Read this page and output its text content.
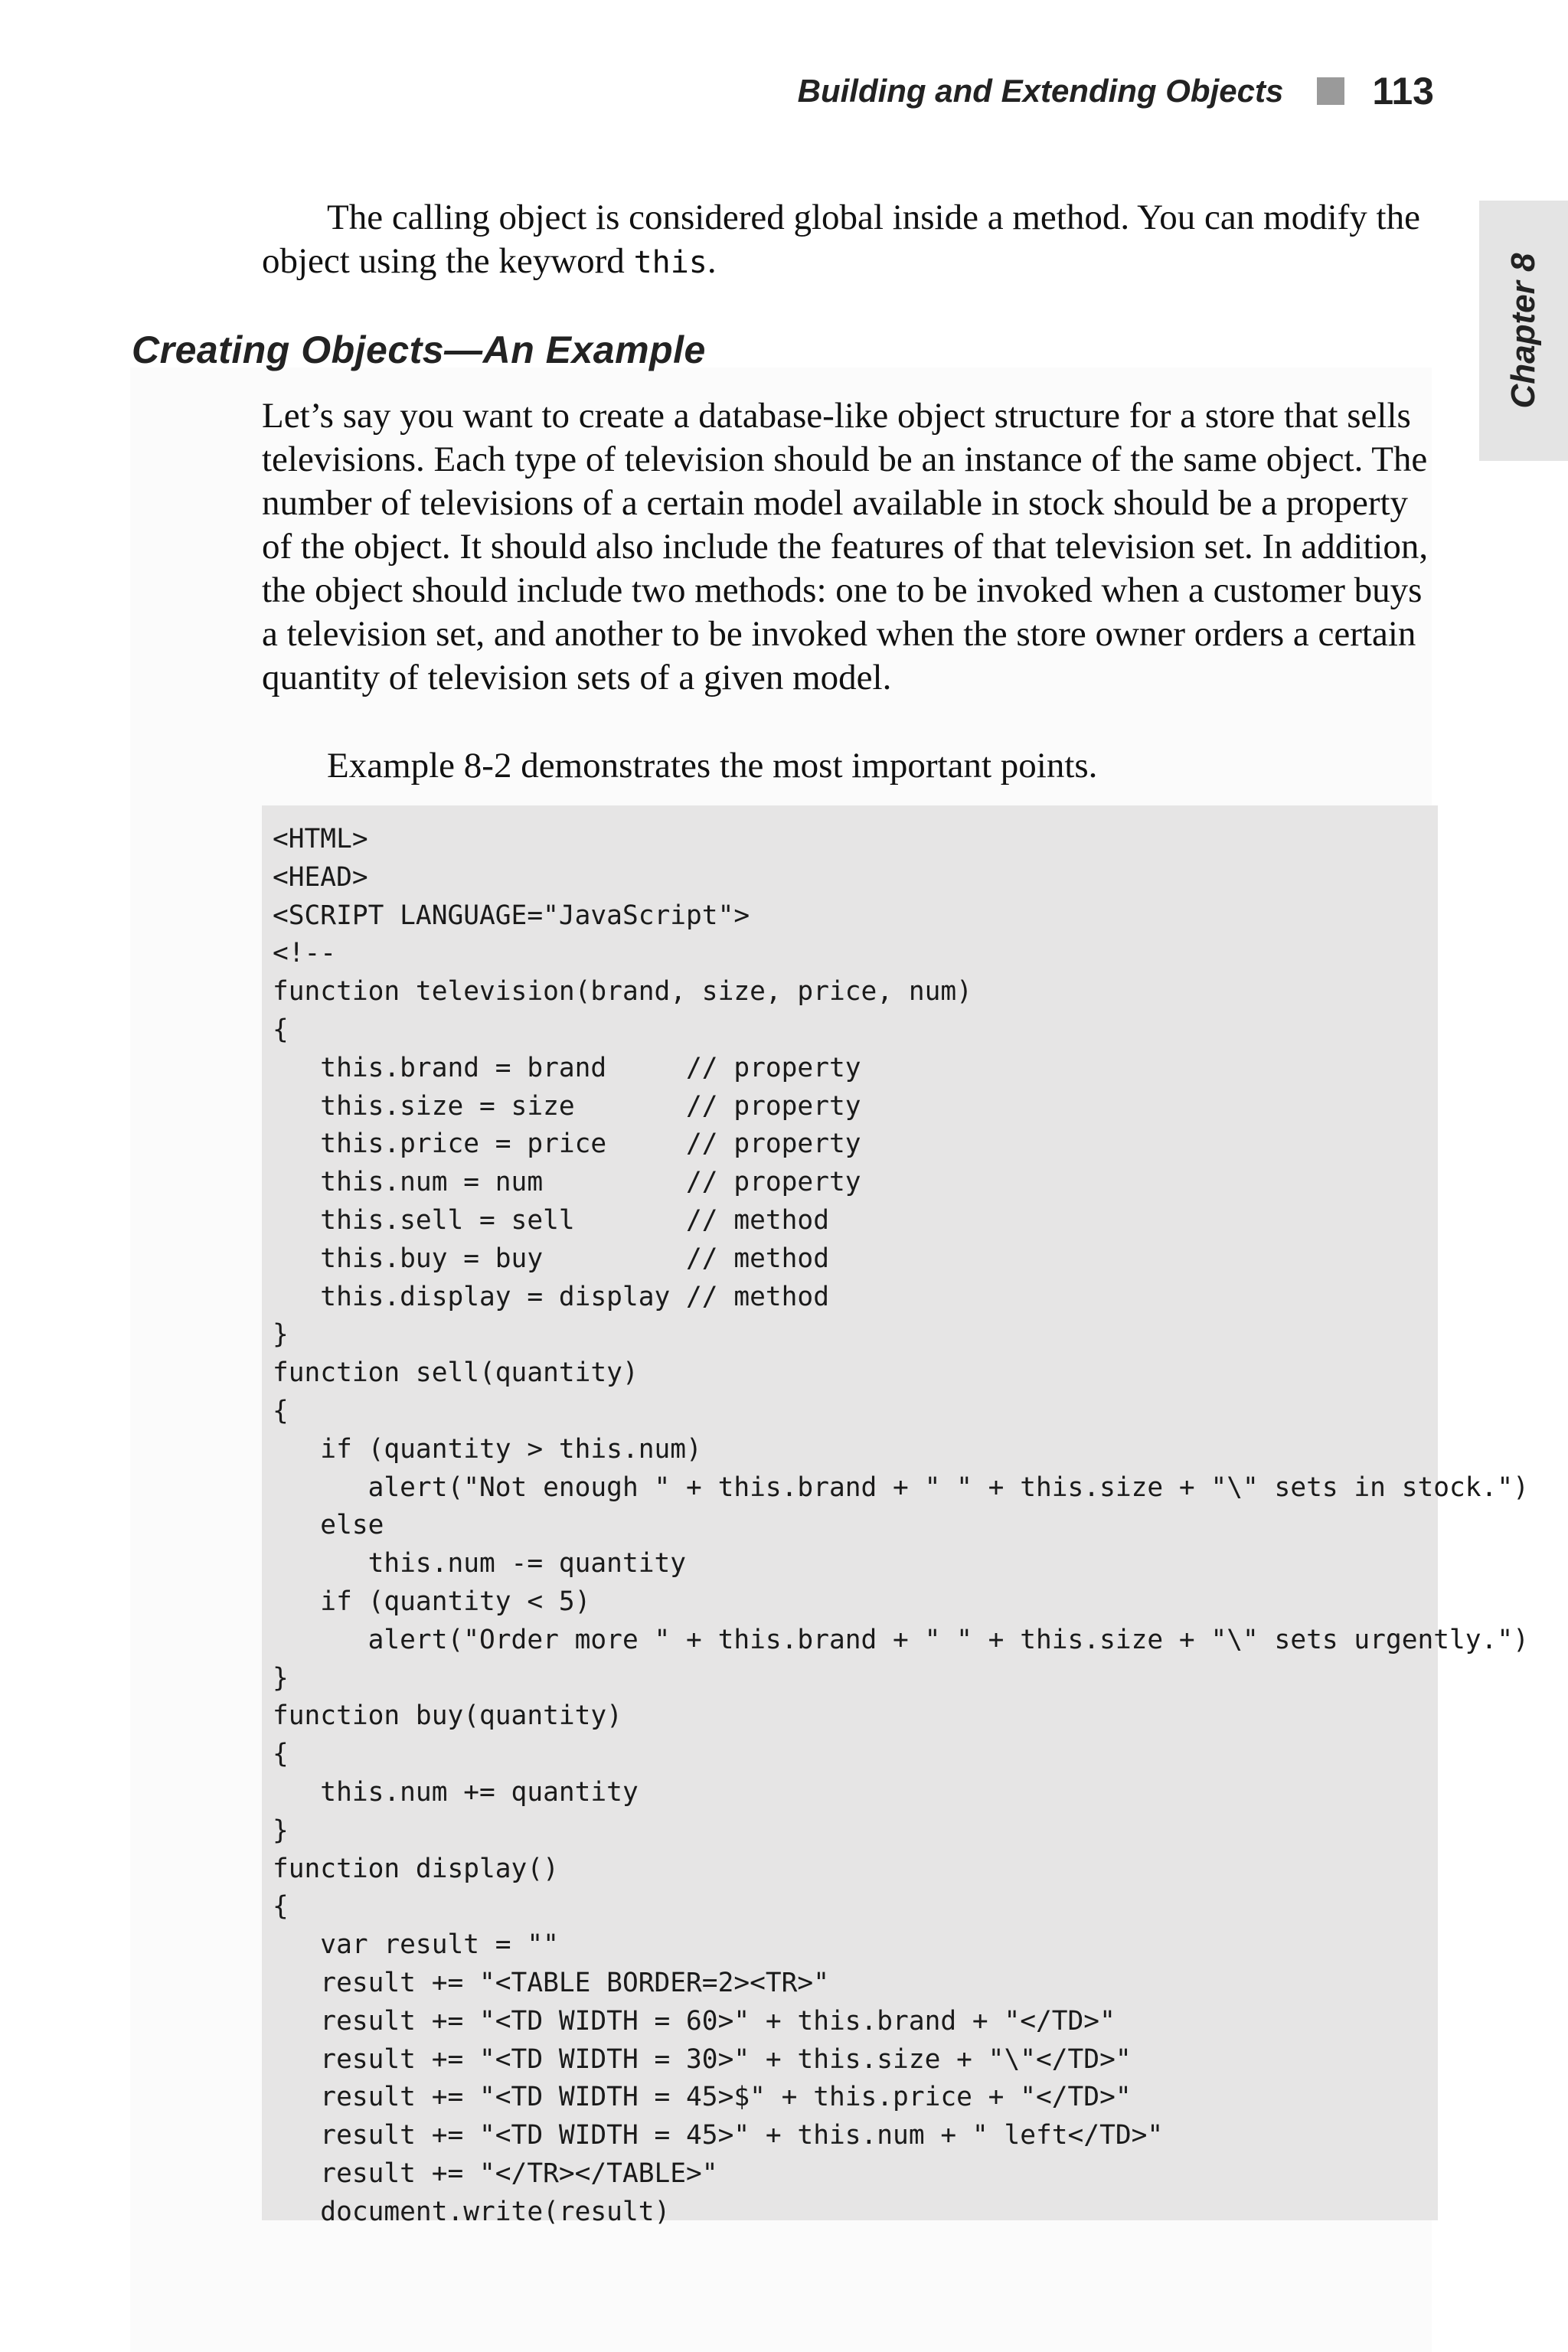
Building and Extending Objects 113
Chapter 8

The calling object is considered global inside a method. You can modify the object using the keyword this.

Creating Objects—An Example

Let’s say you want to create a database-like object structure for a store that sells televisions. Each type of television should be an instance of the same object. The number of televisions of a certain model available in stock should be a property of the object. It should also include the features of that television set. In addition, the object should include two methods: one to be invoked when a customer buys a television set, and another to be invoked when the store owner orders a certain quantity of television sets of a given model.

Example 8-2 demonstrates the most important points.

<HTML>
<HEAD>
<SCRIPT LANGUAGE="JavaScript">
<!--
function television(brand, size, price, num)
{
this.brand = brand     // property
this.size = size       // property
this.price = price     // property
this.num = num         // property
this.sell = sell       // method
this.buy = buy         // method
this.display = display // method
}
function sell(quantity)
{
if (quantity > this.num)
alert("Not enough " + this.brand + " " + this.size + "\" sets in stock.")
else
this.num -= quantity
if (quantity < 5)
alert("Order more " + this.brand + " " + this.size + "\" sets urgently.")
}
function buy(quantity)
{
this.num += quantity
}
function display()
{
var result = ""
result += "<TABLE BORDER=2><TR>"
result += "<TD WIDTH = 60>" + this.brand + "</TD>"
result += "<TD WIDTH = 30>" + this.size + "\"</TD>"
result += "<TD WIDTH = 45>$" + this.price + "</TD>"
result += "<TD WIDTH = 45>" + this.num + " left</TD>"
result += "</TR></TABLE>"
document.write(result)
